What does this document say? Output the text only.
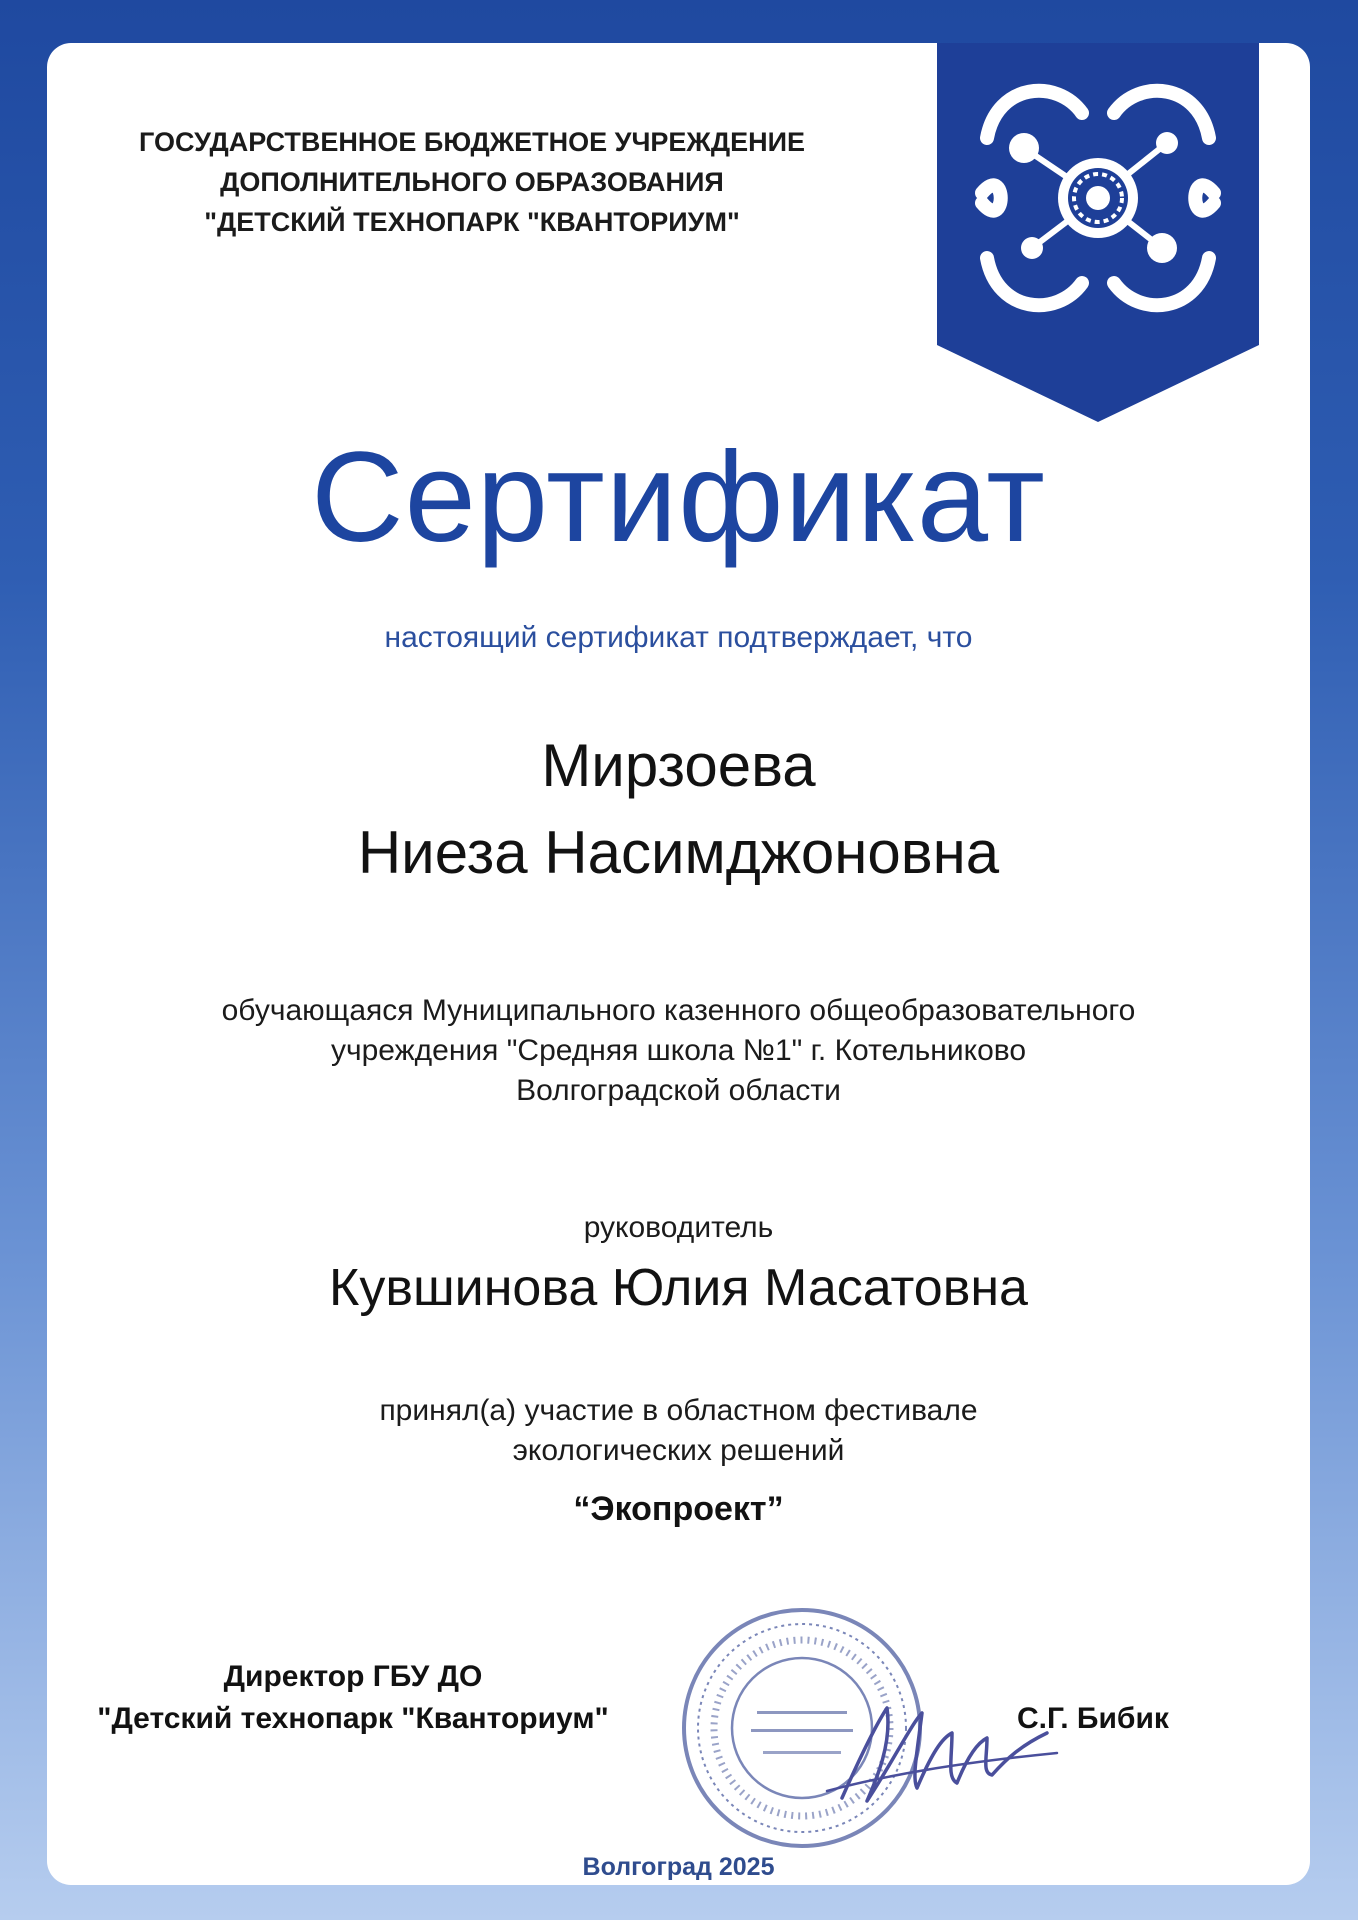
ГОСУДАРСТВЕННОЕ БЮДЖЕТНОЕ УЧРЕЖДЕНИЕ
ДОПОЛНИТЕЛЬНОГО ОБРАЗОВАНИЯ
"ДЕТСКИЙ ТЕХНОПАРК "КВАНТОРИУМ"
Сертификат
настоящий сертификат подтверждает, что
Мирзоева
Ниеза Насимджоновна
обучающаяся Муниципального казенного общеобразовательного
учреждения "Средняя школа №1" г. Котельниково
Волгоградской области
руководитель
Кувшинова Юлия Масатовна
принял(а) участие в областном фестивале
экологических решений
“Экопроект”
Директор ГБУ ДО
"Детский технопарк "Кванториум"	С.Г. Бибик
Волгоград 2025
